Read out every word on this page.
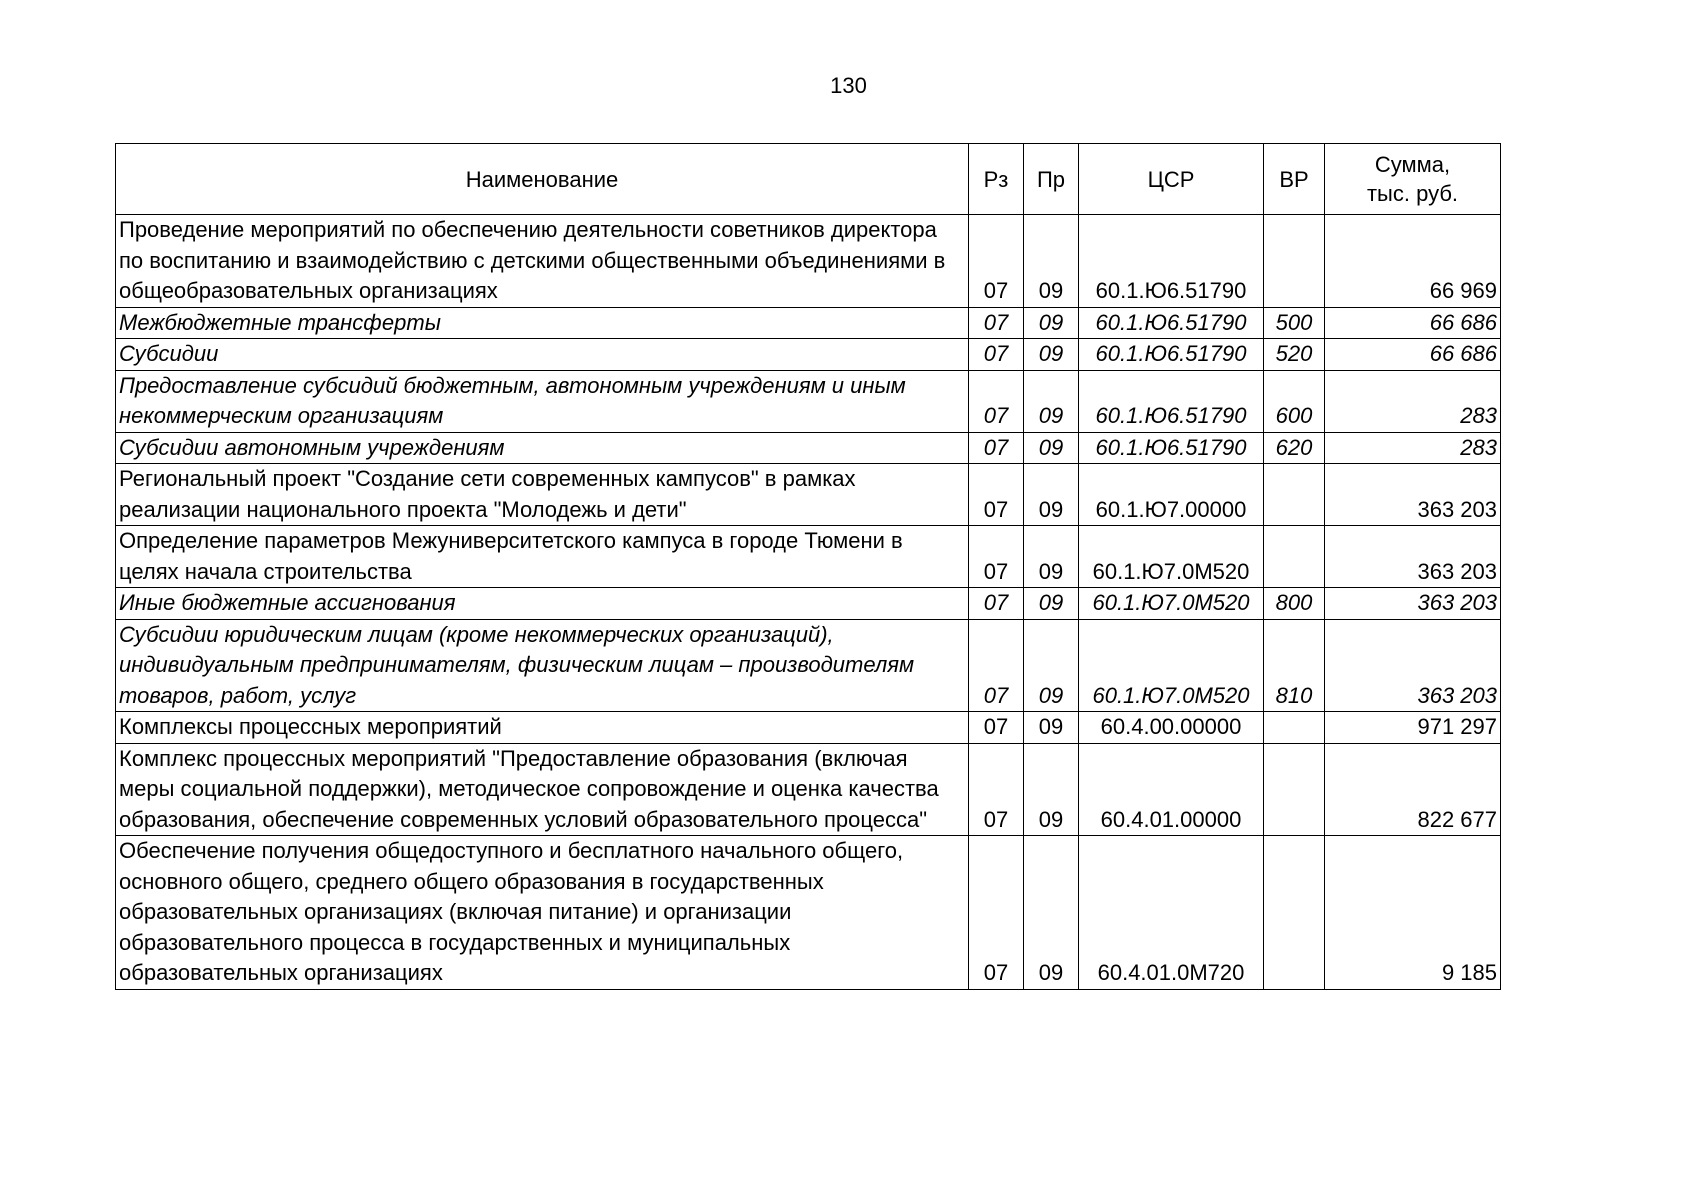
130
Наименование	Рз	Пр	ЦСР	ВР	Сумма,
тыс. руб.
Проведение мероприятий по обеспечению деятельности советников директора по воспитанию и взаимодействию с детскими общественными объединениями в общеобразовательных организациях	07	09	60.1.Ю6.51790		66 969
Межбюджетные трансферты	07	09	60.1.Ю6.51790	500	66 686
Субсидии	07	09	60.1.Ю6.51790	520	66 686
Предоставление субсидий бюджетным, автономным учреждениям и иным некоммерческим организациям	07	09	60.1.Ю6.51790	600	283
Субсидии автономным учреждениям	07	09	60.1.Ю6.51790	620	283
Региональный проект "Создание сети современных кампусов" в рамках реализации национального проекта "Молодежь и дети"	07	09	60.1.Ю7.00000		363 203
Определение параметров Межуниверситетского кампуса в городе Тюмени в целях начала строительства	07	09	60.1.Ю7.0М520		363 203
Иные бюджетные ассигнования	07	09	60.1.Ю7.0М520	800	363 203
Субсидии юридическим лицам (кроме некоммерческих организаций), индивидуальным предпринимателям, физическим лицам – производителям товаров, работ, услуг	07	09	60.1.Ю7.0М520	810	363 203
Комплексы процессных мероприятий	07	09	60.4.00.00000		971 297
Комплекс процессных мероприятий "Предоставление образования (включая меры социальной поддержки), методическое сопровождение и оценка качества образования, обеспечение современных условий образовательного процесса"	07	09	60.4.01.00000		822 677
Обеспечение получения общедоступного и бесплатного начального общего, основного общего, среднего общего образования в государственных образовательных организациях (включая питание) и организации образовательного процесса в государственных и муниципальных образовательных организациях	07	09	60.4.01.0М720		9 185
